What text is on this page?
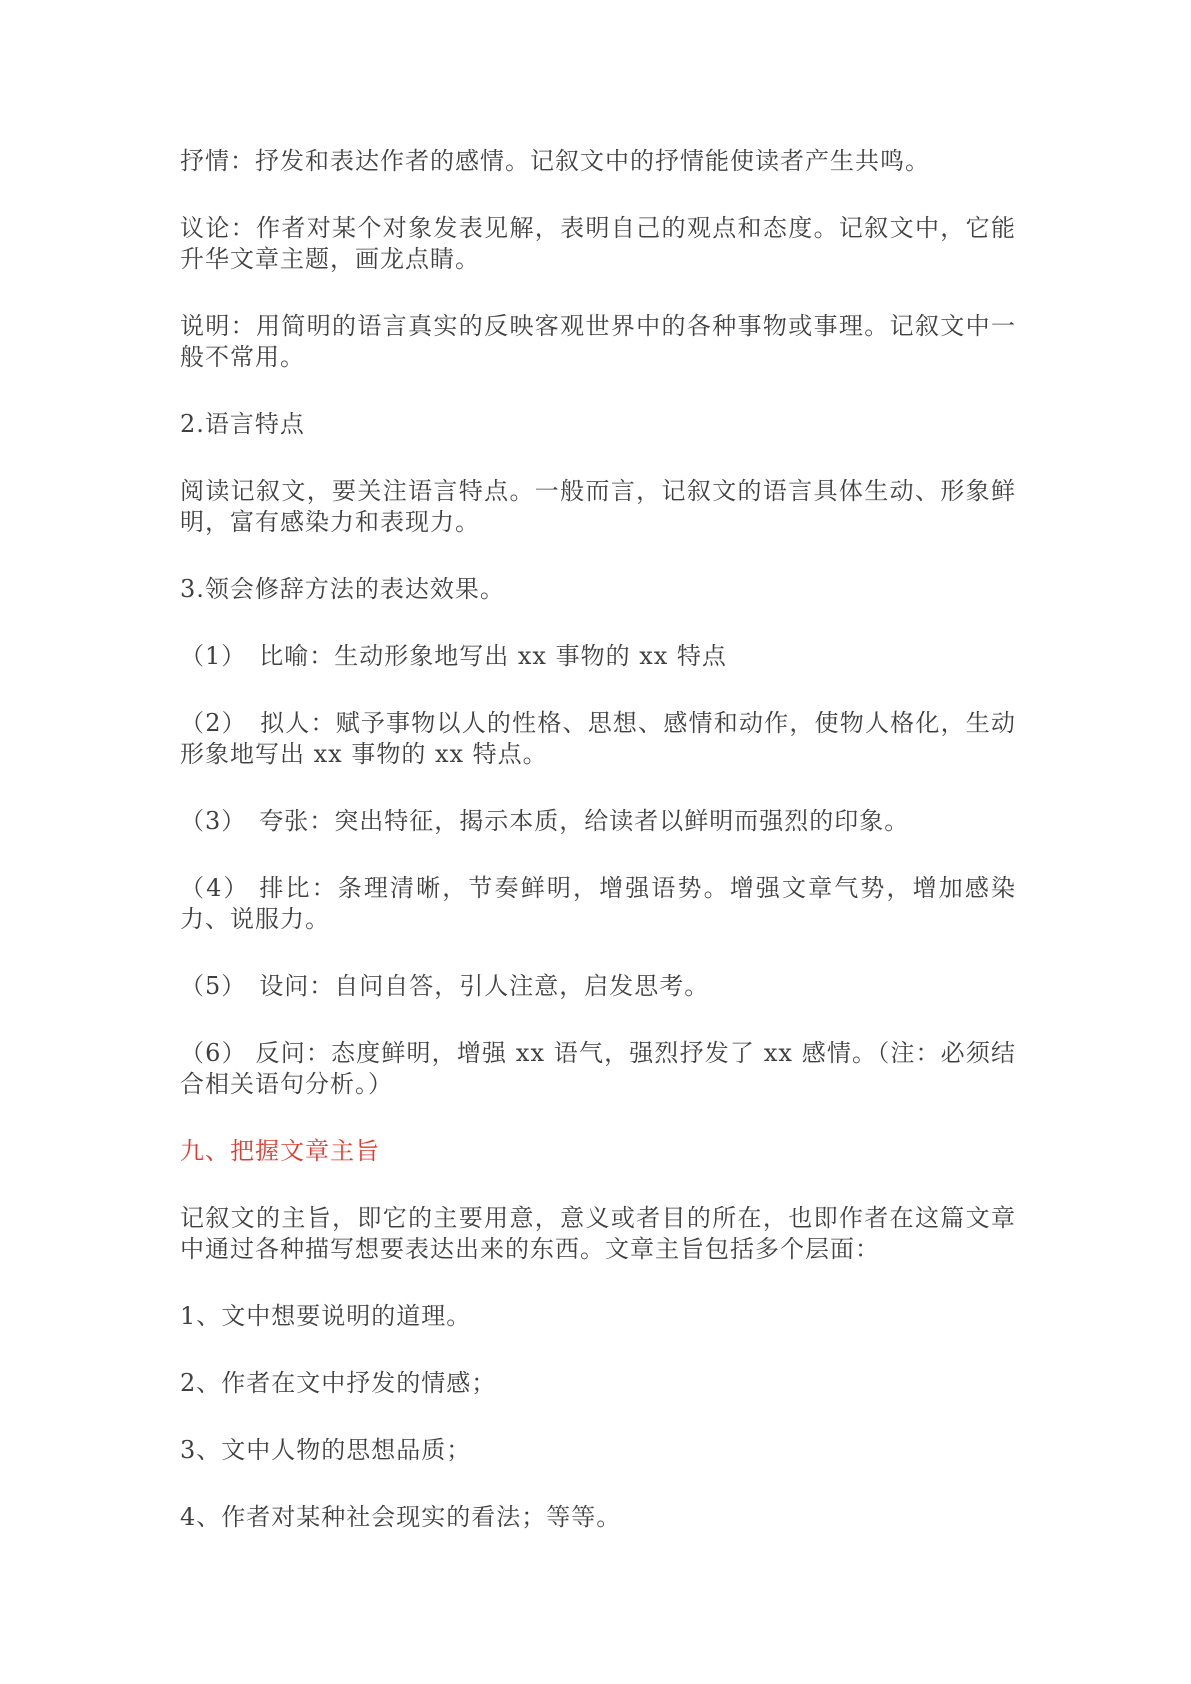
抒情：抒发和表达作者的感情。记叙文中的抒情能使读者产生共鸣。

议论：作者对某个对象发表见解，表明自己的观点和态度。记叙文中，它能升华文章主题，画龙点睛。

说明：用简明的语言真实的反映客观世界中的各种事物或事理。记叙文中一般不常用。

2.语言特点

阅读记叙文，要关注语言特点。一般而言，记叙文的语言具体生动、形象鲜明，富有感染力和表现力。

3.领会修辞方法的表达效果。

（1）　比喻：生动形象地写出 xx 事物的 xx 特点

（2）　拟人：赋予事物以人的性格、思想、感情和动作，使物人格化，生动形象地写出 xx 事物的 xx 特点。

（3）　夸张：突出特征，揭示本质，给读者以鲜明而强烈的印象。

（4） 排比：条理清晰，节奏鲜明，增强语势。增强文章气势，增加感染力、说服力。

（5）　设问：自问自答，引人注意，启发思考。

（6） 反问：态度鲜明，增强 xx 语气，强烈抒发了 xx 感情。（注：必须结合相关语句分析。）

九、把握文章主旨

记叙文的主旨，即它的主要用意，意义或者目的所在，也即作者在这篇文章中通过各种描写想要表达出来的东西。文章主旨包括多个层面：

1、文中想要说明的道理。

2、作者在文中抒发的情感；

3、文中人物的思想品质；

4、作者对某种社会现实的看法；等等。
